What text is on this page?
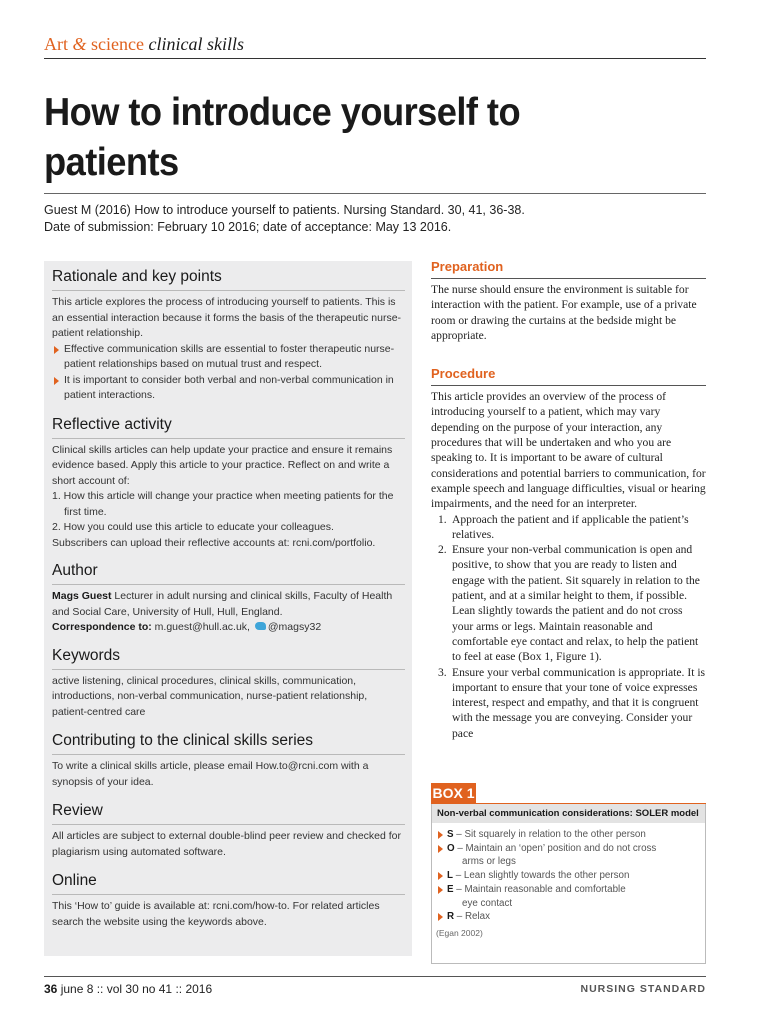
Art & science clinical skills
How to introduce yourself to patients
Guest M (2016) How to introduce yourself to patients. Nursing Standard. 30, 41, 36-38.
Date of submission: February 10 2016; date of acceptance: May 13 2016.
Rationale and key points
This article explores the process of introducing yourself to patients. This is an essential interaction because it forms the basis of the therapeutic nurse-patient relationship.
Effective communication skills are essential to foster therapeutic nurse-patient relationships based on mutual trust and respect.
It is important to consider both verbal and non-verbal communication in patient interactions.
Reflective activity
Clinical skills articles can help update your practice and ensure it remains evidence based. Apply this article to your practice. Reflect on and write a short account of:
1. How this article will change your practice when meeting patients for the first time.
2. How you could use this article to educate your colleagues.
Subscribers can upload their reflective accounts at: rcni.com/portfolio.
Author
Mags Guest Lecturer in adult nursing and clinical skills, Faculty of Health and Social Care, University of Hull, Hull, England.
Correspondence to: m.guest@hull.ac.uk, @magsy32
Keywords
active listening, clinical procedures, clinical skills, communication, introductions, non-verbal communication, nurse-patient relationship, patient-centred care
Contributing to the clinical skills series
To write a clinical skills article, please email How.to@rcni.com with a synopsis of your idea.
Review
All articles are subject to external double-blind peer review and checked for plagiarism using automated software.
Online
This ‘How to’ guide is available at: rcni.com/how-to. For related articles search the website using the keywords above.
Preparation
The nurse should ensure the environment is suitable for interaction with the patient. For example, use of a private room or drawing the curtains at the bedside might be appropriate.
Procedure
This article provides an overview of the process of introducing yourself to a patient, which may vary depending on the purpose of your interaction, any procedures that will be undertaken and who you are speaking to. It is important to be aware of cultural considerations and potential barriers to communication, for example speech and language difficulties, visual or hearing impairments, and the need for an interpreter.
1. Approach the patient and if applicable the patient’s relatives.
2. Ensure your non-verbal communication is open and positive, to show that you are ready to listen and engage with the patient. Sit squarely in relation to the patient, and at a similar height to them, if possible. Lean slightly towards the patient and do not cross your arms or legs. Maintain reasonable and comfortable eye contact and relax, to help the patient to feel at ease (Box 1, Figure 1).
3. Ensure your verbal communication is appropriate. It is important to ensure that your tone of voice expresses interest, respect and empathy, and that it is congruent with the message you are conveying. Consider your pace
BOX 1
Non-verbal communication considerations: SOLER model
S – Sit squarely in relation to the other person
O – Maintain an ‘open’ position and do not cross
arms or legs
L – Lean slightly towards the other person
E – Maintain reasonable and comfortable
eye contact
R – Relax
(Egan 2002)
36 june 8 :: vol 30 no 41 :: 2016	NURSING STANDARD
